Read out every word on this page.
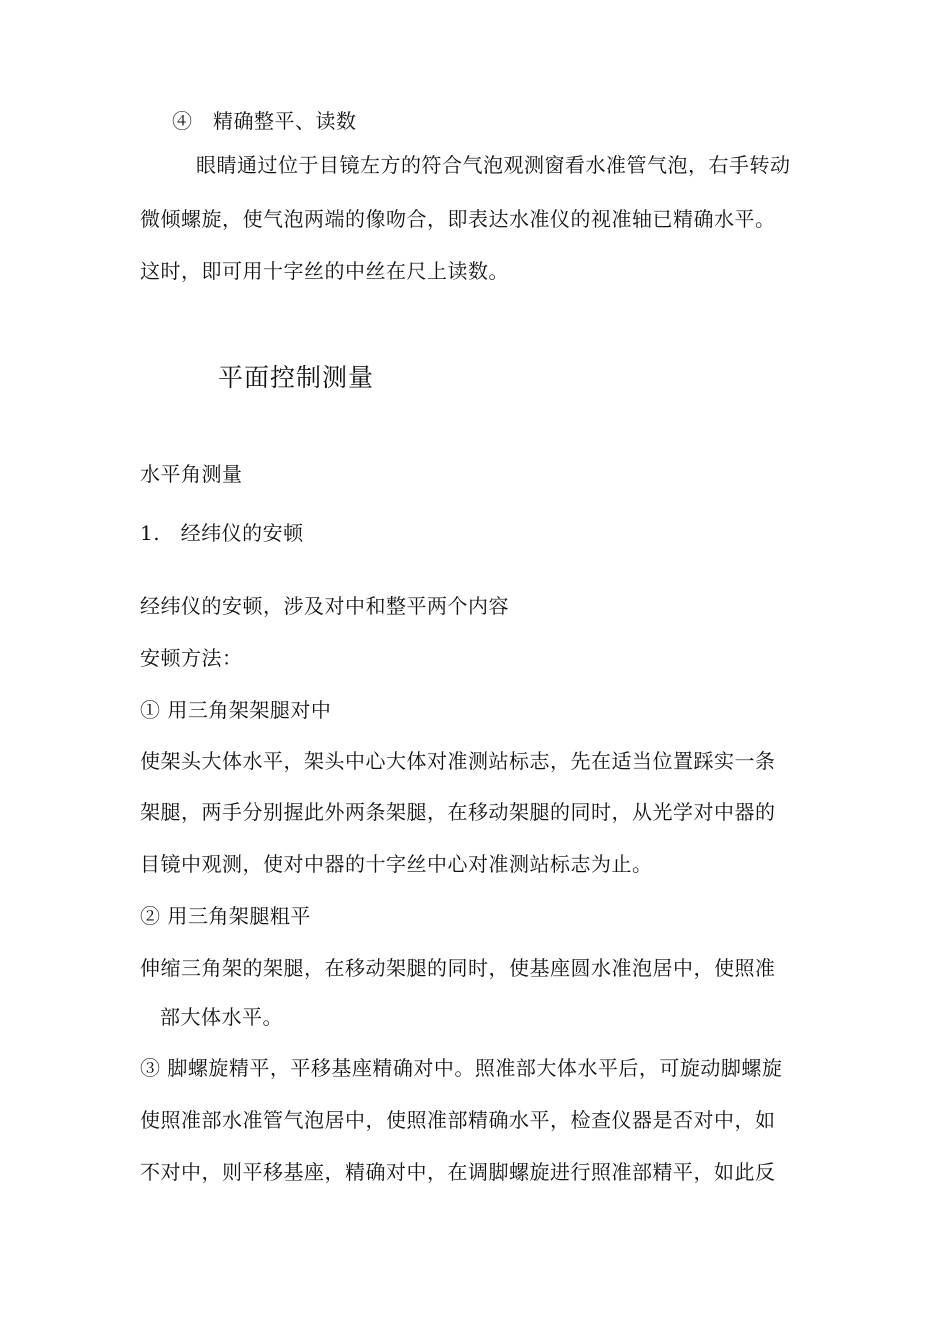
④　精确整平、读数
眼睛通过位于目镜左方的符合气泡观测窗看水准管气泡，右手转动
微倾螺旋，使气泡两端的像吻合，即表达水准仪的视准轴已精确水平。
这时，即可用十字丝的中丝在尺上读数。
平面控制测量
水平角测量
1.　经纬仪的安顿
经纬仪的安顿，涉及对中和整平两个内容
安顿方法：
① 用三角架架腿对中
使架头大体水平，架头中心大体对准测站标志，先在适当位置踩实一条
架腿，两手分别握此外两条架腿，在移动架腿的同时，从光学对中器的
目镜中观测，使对中器的十字丝中心对准测站标志为止。
② 用三角架腿粗平
伸缩三角架的架腿，在移动架腿的同时，使基座圆水准泡居中，使照准
部大体水平。
③ 脚螺旋精平，平移基座精确对中。照准部大体水平后，可旋动脚螺旋
使照准部水准管气泡居中，使照准部精确水平，检查仪器是否对中，如
不对中，则平移基座，精确对中，在调脚螺旋进行照准部精平，如此反
